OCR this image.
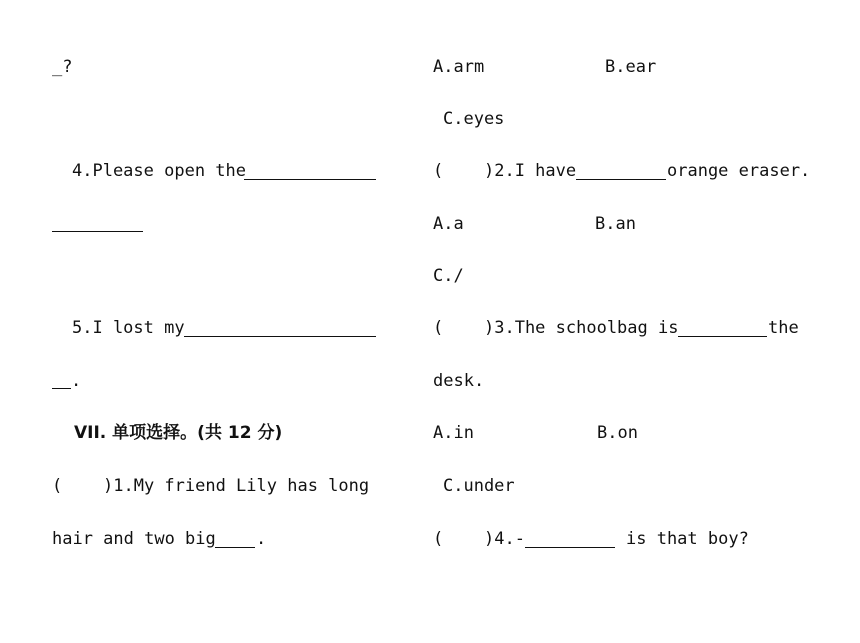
_?
4.Please open the
5.I lost my
.
VII. 单项选择。(共 12 分)
( )1.My friend Lily has long
hair and two big .
A.arm	B.ear
C.eyes
( )2.I have	orange eraser.
A.a	B.an
C./
( )3.The schoolbag is	the
desk.
A.in	B.on
C.under
( )4.-	is that boy?
